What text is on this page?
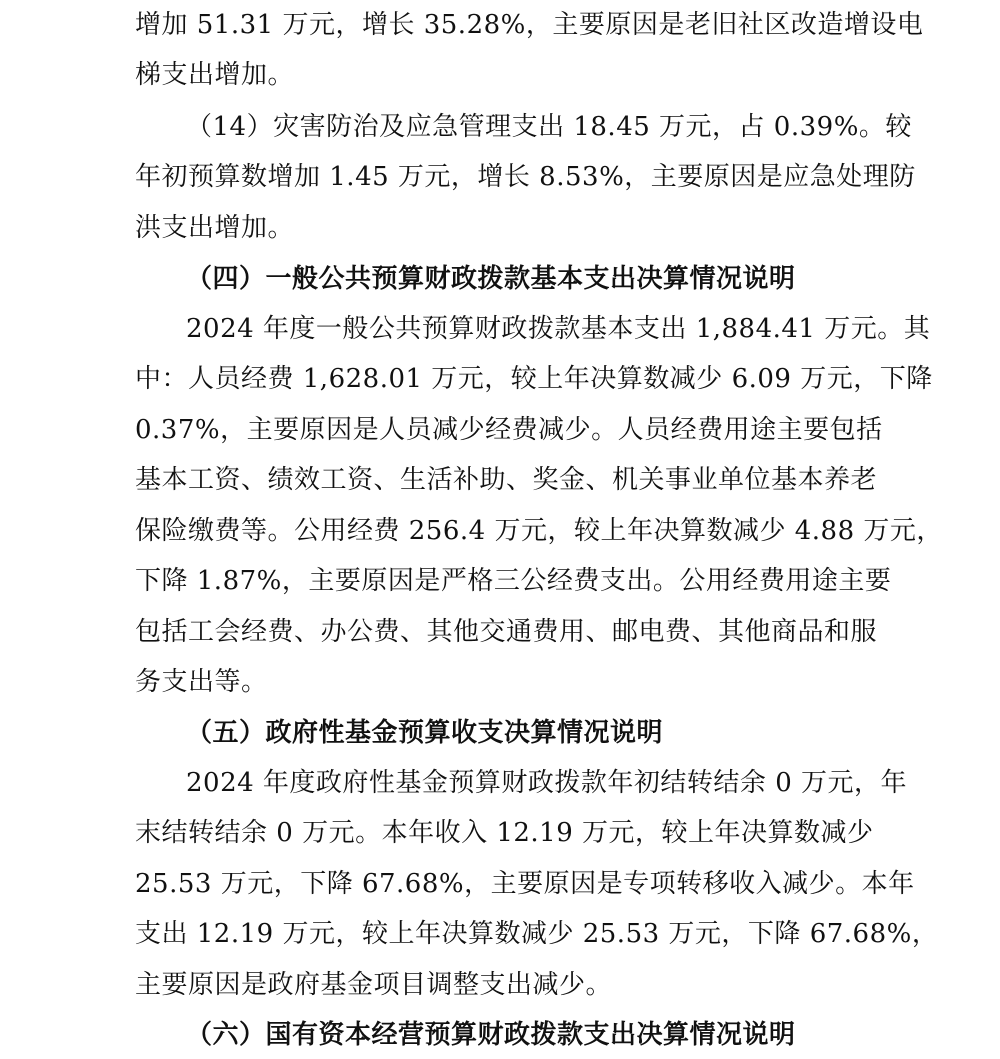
增加 51.31 万元，增长 35.28%，主要原因是老旧社区改造增设电
梯支出增加。
（14）灾害防治及应急管理支出 18.45 万元，占 0.39%。较
年初预算数增加 1.45 万元，增长 8.53%，主要原因是应急处理防
洪支出增加。
（四）一般公共预算财政拨款基本支出决算情况说明
2024 年度一般公共预算财政拨款基本支出 1,884.41 万元。其
中：人员经费 1,628.01 万元，较上年决算数减少 6.09 万元，下降
0.37%，主要原因是人员减少经费减少。人员经费用途主要包括
基本工资、绩效工资、生活补助、奖金、机关事业单位基本养老
保险缴费等。公用经费 256.4 万元，较上年决算数减少 4.88 万元，
下降 1.87%，主要原因是严格三公经费支出。公用经费用途主要
包括工会经费、办公费、其他交通费用、邮电费、其他商品和服
务支出等。
（五）政府性基金预算收支决算情况说明
2024 年度政府性基金预算财政拨款年初结转结余 0 万元，年
末结转结余 0 万元。本年收入 12.19 万元，较上年决算数减少
25.53 万元，下降 67.68%，主要原因是专项转移收入减少。本年
支出 12.19 万元，较上年决算数减少 25.53 万元，下降 67.68%，
主要原因是政府基金项目调整支出减少。
（六）国有资本经营预算财政拨款支出决算情况说明
